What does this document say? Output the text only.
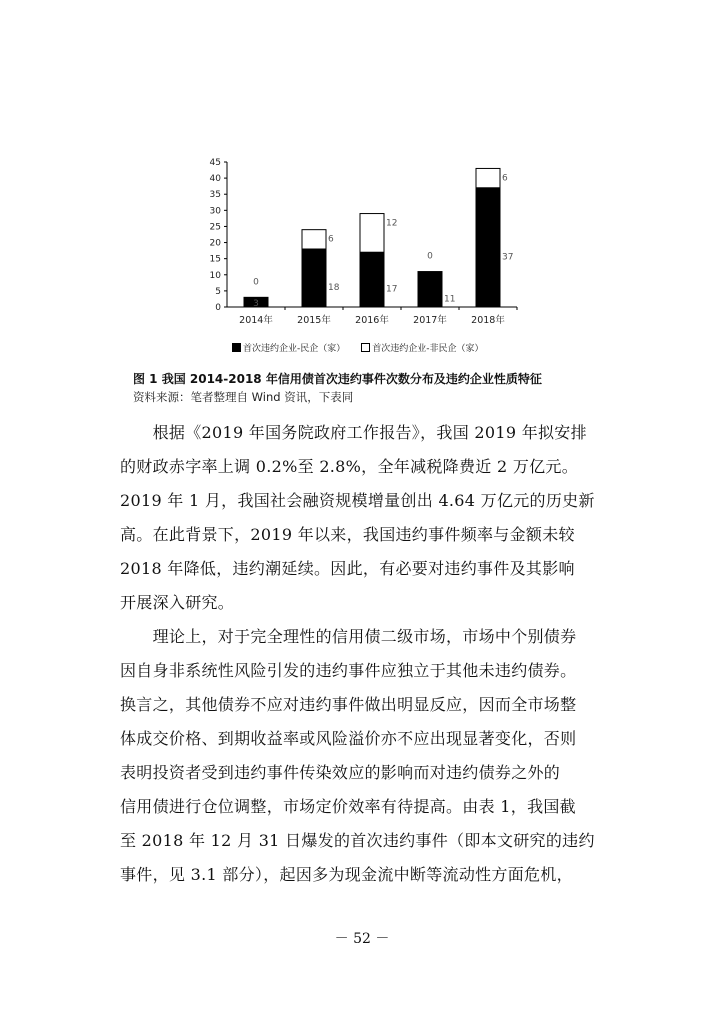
0
5
10
15
20
25
30
35
40
45
3
0
18
6
17
12
11
0	37
6
2014年	2015年	2016年	2017年	2018年
首次违约企业-民企（家）	首次违约企业-非民企（家）
图 1 我国 2014-2018 年信用债首次违约事件次数分布及违约企业性质特征
资料来源：笔者整理自 Wind 资讯，下表同
　　根据《2019 年国务院政府工作报告》，我国 2019 年拟安排
的财政赤字率上调 0.2%至 2.8%，全年减税降费近 2 万亿元。
2019 年 1 月，我国社会融资规模增量创出 4.64 万亿元的历史新
高。在此背景下，2019 年以来，我国违约事件频率与金额未较
2018 年降低，违约潮延续。因此，有必要对违约事件及其影响
开展深入研究。
　　理论上，对于完全理性的信用债二级市场，市场中个别债券
因自身非系统性风险引发的违约事件应独立于其他未违约债券。
换言之，其他债券不应对违约事件做出明显反应，因而全市场整
体成交价格、到期收益率或风险溢价亦不应出现显著变化，否则
表明投资者受到违约事件传染效应的影响而对违约债券之外的
信用债进行仓位调整，市场定价效率有待提高。由表 1，我国截
至 2018 年 12 月 31 日爆发的首次违约事件（即本文研究的违约
事件，见 3.1 部分），起因多为现金流中断等流动性方面危机，
－ 52 －
